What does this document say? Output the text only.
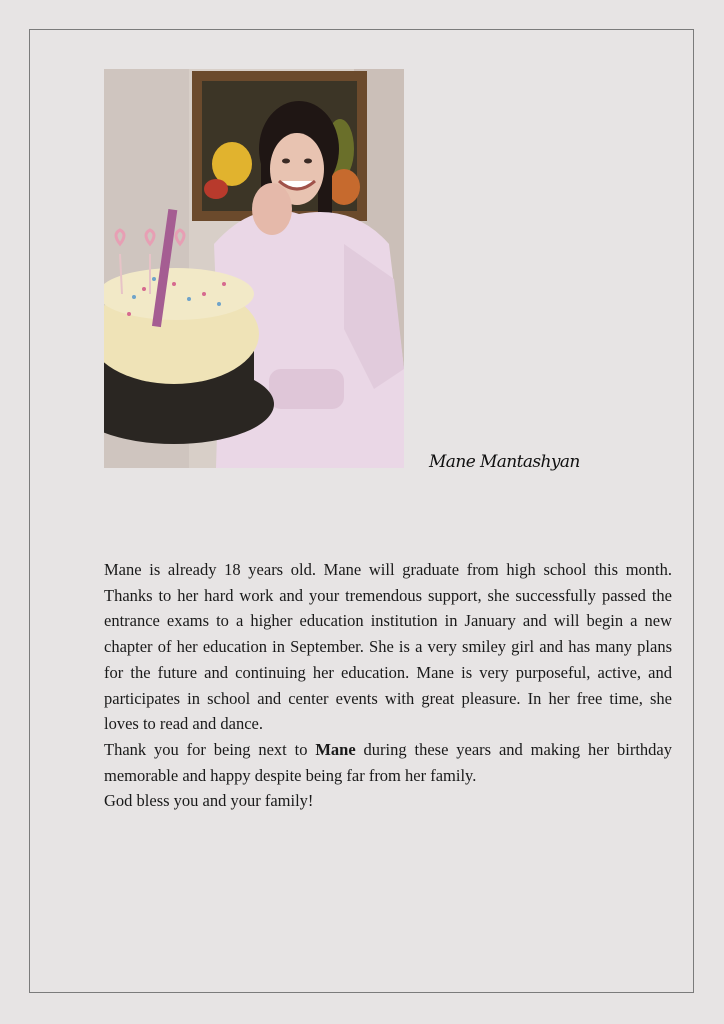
Mane Mantashyan

Mane is already 18 years old. Mane will graduate from high school this month. Thanks to her hard work and your tremendous support, she successfully passed the entrance exams to a higher education institution in January and will begin a new chapter of her education in September. She is a very smiley girl and has many plans for the future and continuing her education. Mane is very purposeful, active, and participates in school and center events with great pleasure. In her free time, she loves to read and dance.

Thank you for being next to Mane during these years and making her birthday memorable and happy despite being far from her family.

God bless you and your family!
